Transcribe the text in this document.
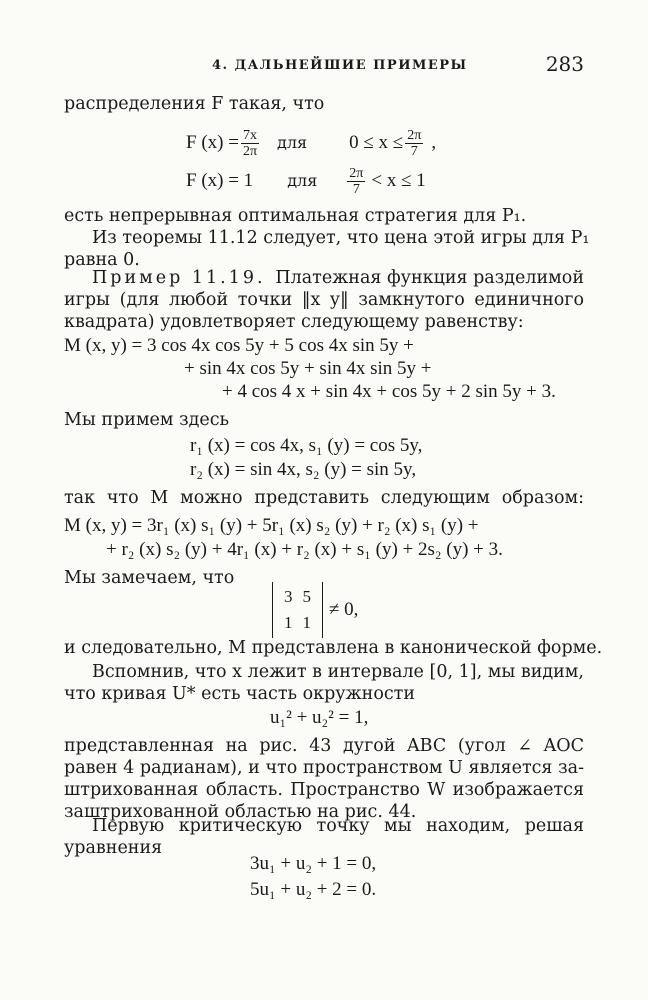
4. ДАЛЬНЕЙШИЕ ПРИМЕРЫ	283
распределения F такая, что
F $(x) = \frac{7x}{2\pi}$ для $0 \le x \le \frac{2\pi}{7}$ ,
F (x) = 1 для $\frac{2\pi}{7} < x \le 1$
есть непрерывная оптимальная стратегия для P₁.
Из теоремы 11.12 следует, что цена этой игры для P₁
равна 0.
Пример 11.19. Платежная функция разделимой
игры (для любой точки ‖x y‖ замкнутого единичного
квадрата) удовлетворяет следующему равенству:
M (x, y) = 3 cos 4x cos 5y + 5 cos 4x sin 5y +
+ sin 4x cos 5y + sin 4x sin 5y +
+ 4 cos 4 x + sin 4x + cos 5y + 2 sin 5y + 3.
Мы примем здесь
r₁ (x) = cos 4x, s₁ (y) = cos 5y,
r₂ (x) = sin 4x, s₂ (y) = sin 5y,
так что M можно представить следующим образом:
M (x, y) = 3r₁ (x) s₁ (y) + 5r₁ (x) s₂ (y) + r₂ (x) s₁ (y) +
+ r₂ (x) s₂ (y) + 4r₁ (x) + r₂ (x) + s₁ (y) + 2s₂ (y) + 3.
Мы замечаем, что
3	5
1	1
≠ 0,
и следовательно, M представлена в канонической форме.
Вспомнив, что x лежит в интервале [0, 1], мы видим,
что кривая U* есть часть окружности
u₁² + u₂² = 1,
представленная на рис. 43 дугой ABC (угол ∠ AOC
равен 4 радианам), и что пространством U является за-
штрихованная область. Пространство W изображается
заштрихованной областью на рис. 44.
Первую критическую точку мы находим, решая
уравнения
3u₁ + u₂ + 1 = 0,
5u₁ + u₂ + 2 = 0.
